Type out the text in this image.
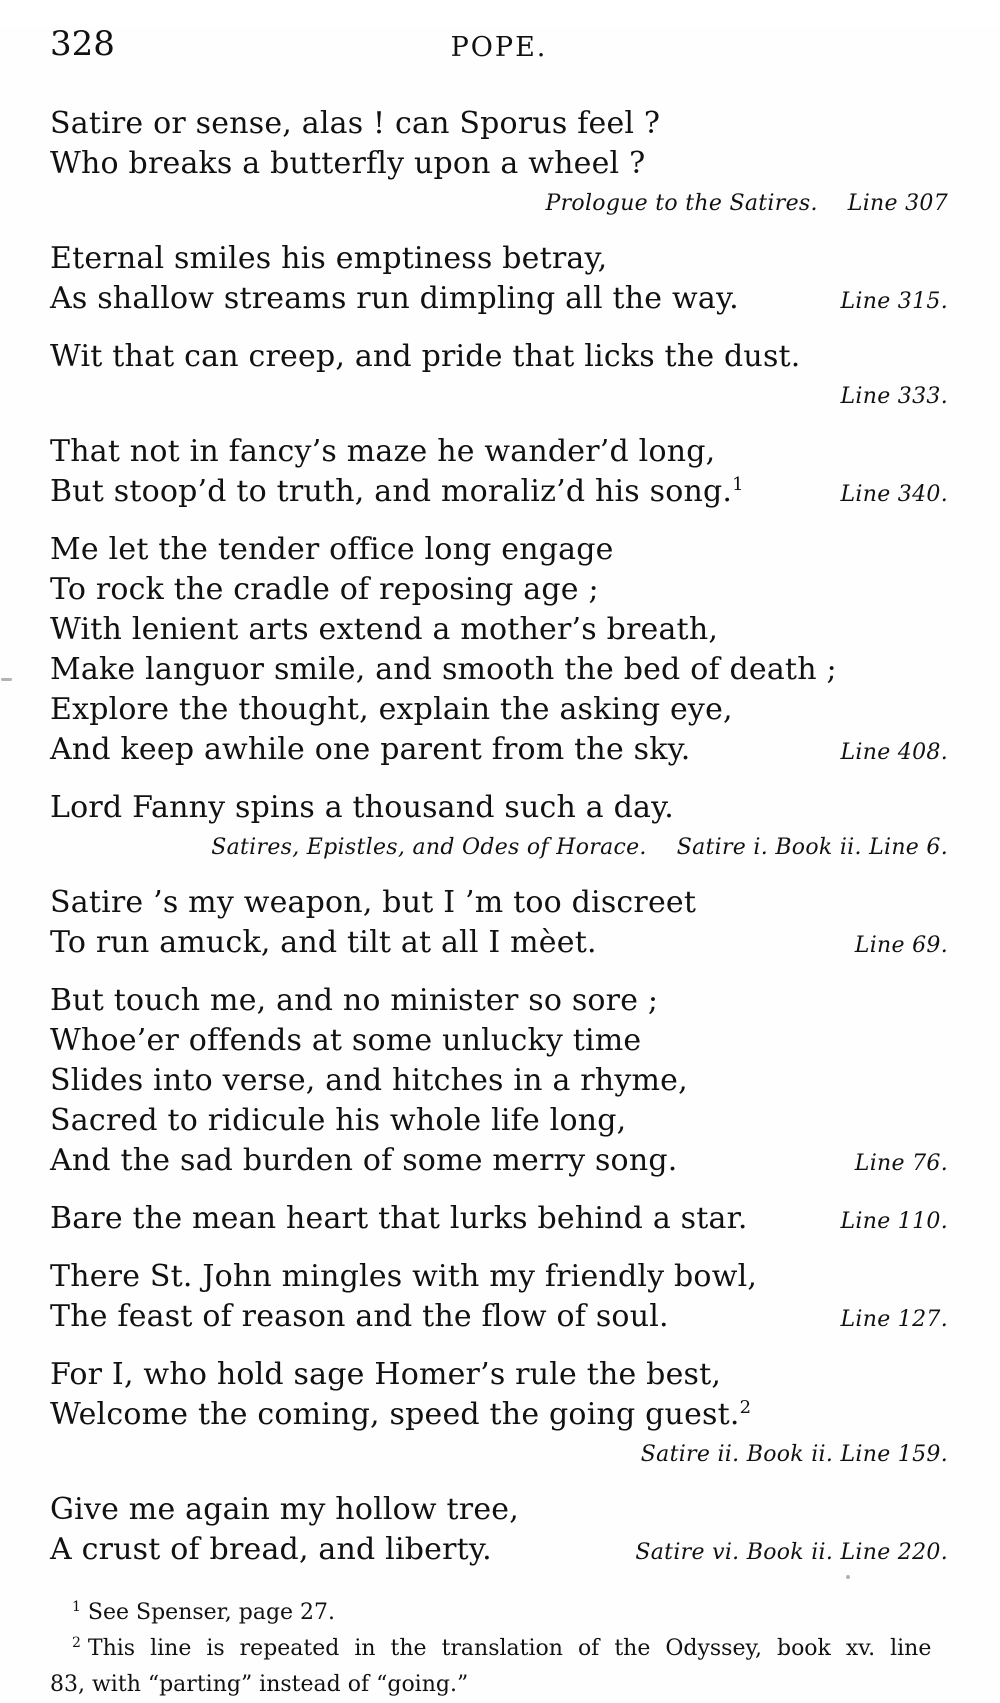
328	POPE.
Satire or sense, alas ! can Sporus feel ?
Who breaks a butterfly upon a wheel ?
Prologue to the Satires. Line 307
Eternal smiles his emptiness betray,
As shallow streams run dimpling all the way.	Line 315.
Wit that can creep, and pride that licks the dust.
Line 333.
That not in fancy’s maze he wander’d long,
But stoop’d to truth, and moraliz’d his song.$^1$	Line 340.
Me let the tender office long engage
To rock the cradle of reposing age ;
With lenient arts extend a mother’s breath,
Make languor smile, and smooth the bed of death ;
Explore the thought, explain the asking eye,
And keep awhile one parent from the sky.	Line 408.
Lord Fanny spins a thousand such a day.
Satires, Epistles, and Odes of Horace. Satire i. Book ii. Line 6.
Satire ’s my weapon, but I ’m too discreet
To run amuck, and tilt at all I mèet.	Line 69.
But touch me, and no minister so sore ;
Whoe’er offends at some unlucky time
Slides into verse, and hitches in a rhyme,
Sacred to ridicule his whole life long,
And the sad burden of some merry song.	Line 76.
Bare the mean heart that lurks behind a star.	Line 110.
There St. John mingles with my friendly bowl,
The feast of reason and the flow of soul.	Line 127.
For I, who hold sage Homer’s rule the best,
Welcome the coming, speed the going guest.$^2$
Satire ii. Book ii. Line 159.
Give me again my hollow tree,
A crust of bread, and liberty.	Satire vi. Book ii. Line 220.
$^1$ See Spenser, page 27.
$^2$ This line is repeated in the translation of the Odyssey, book xv. line
83, with “parting” instead of “going.”
